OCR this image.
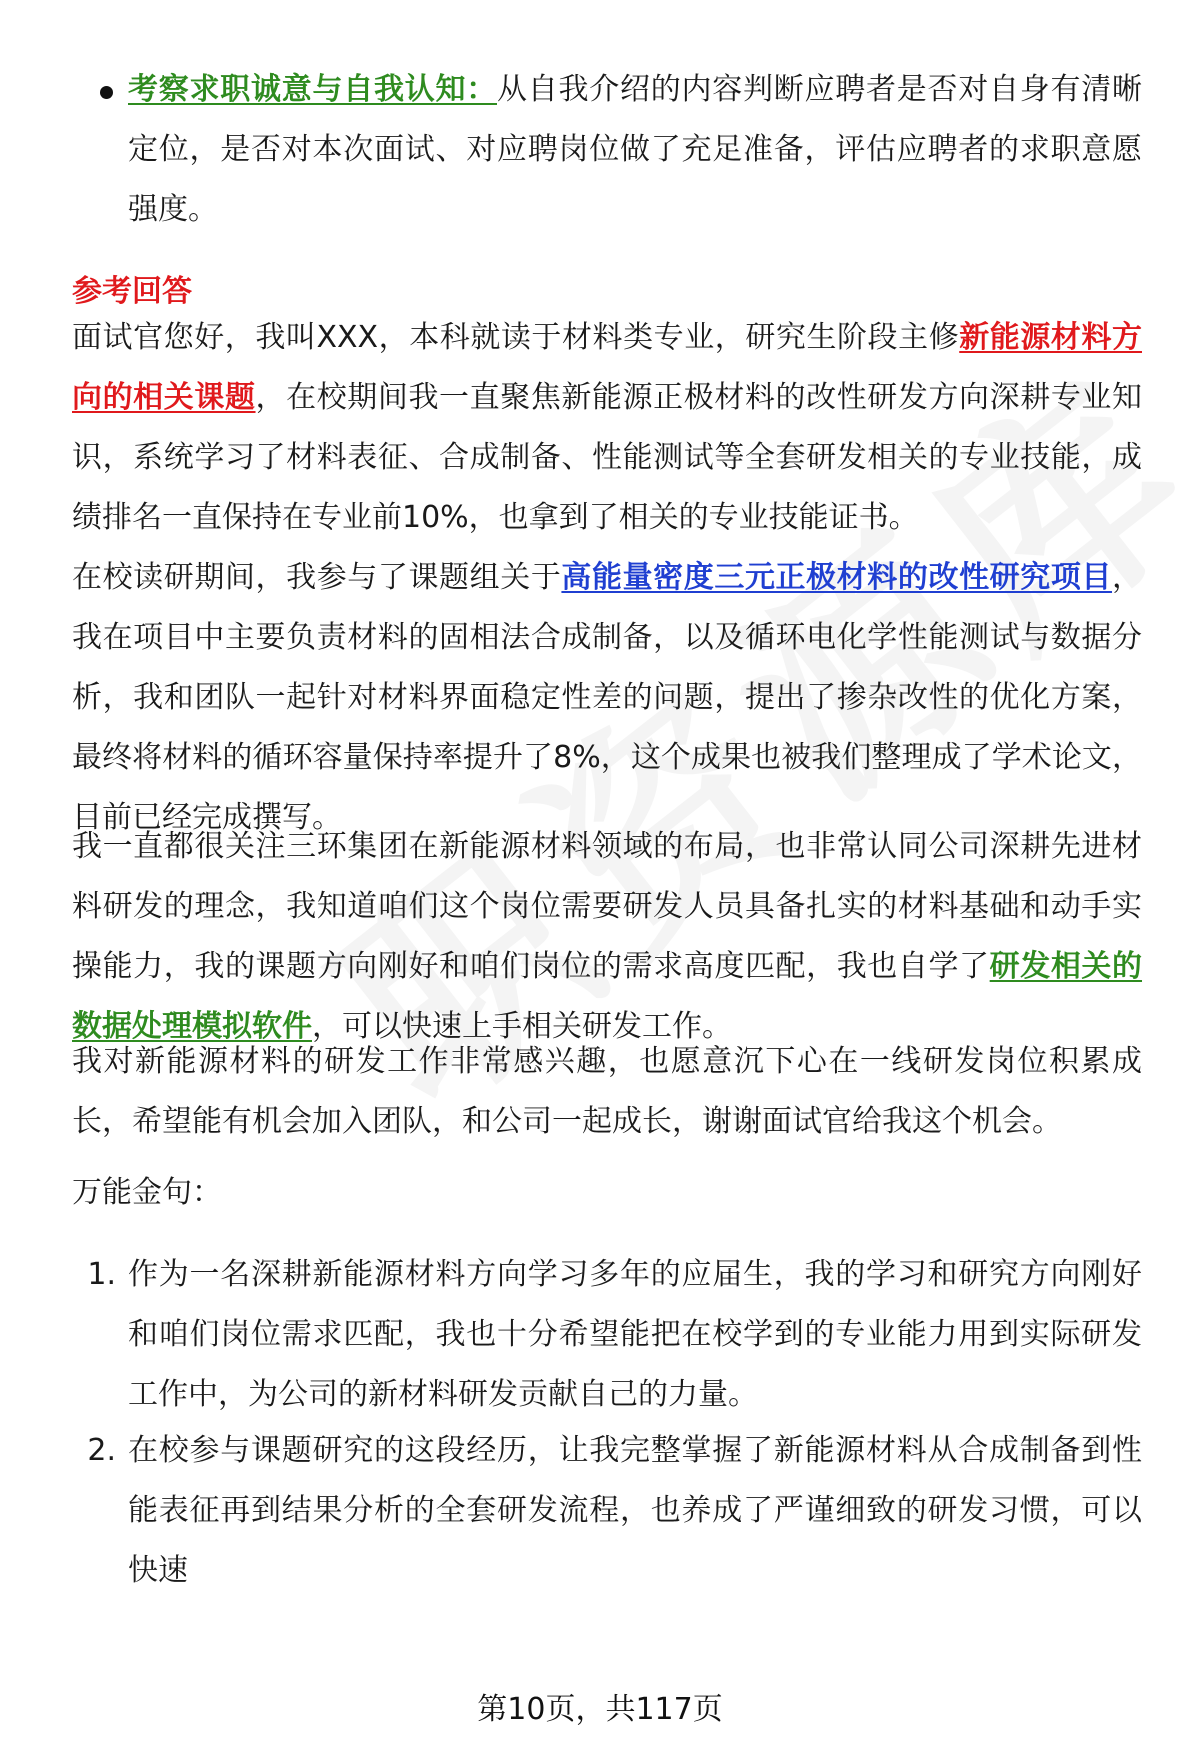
考察求职诚意与自我认知：从自我介绍的内容判断应聘者是否对自身有清晰定位，是否对本次面试、对应聘岗位做了充足准备，评估应聘者的求职意愿强度。
参考回答
面试官您好，我叫XXX，本科就读于材料类专业，研究生阶段主修新能源材料方向的相关课题，在校期间我一直聚焦新能源正极材料的改性研发方向深耕专业知识，系统学习了材料表征、合成制备、性能测试等全套研发相关的专业技能，成绩排名一直保持在专业前10%，也拿到了相关的专业技能证书。
在校读研期间，我参与了课题组关于高能量密度三元正极材料的改性研究项目，我在项目中主要负责材料的固相法合成制备，以及循环电化学性能测试与数据分析，我和团队一起针对材料界面稳定性差的问题，提出了掺杂改性的优化方案，最终将材料的循环容量保持率提升了8%，这个成果也被我们整理成了学术论文，目前已经完成撰写。
我一直都很关注三环集团在新能源材料领域的布局，也非常认同公司深耕先进材料研发的理念，我知道咱们这个岗位需要研发人员具备扎实的材料基础和动手实操能力，我的课题方向刚好和咱们岗位的需求高度匹配，我也自学了研发相关的数据处理模拟软件，可以快速上手相关研发工作。
我对新能源材料的研发工作非常感兴趣，也愿意沉下心在一线研发岗位积累成长，希望能有机会加入团队，和公司一起成长，谢谢面试官给我这个机会。
万能金句：
1. 作为一名深耕新能源材料方向学习多年的应届生，我的学习和研究方向刚好和咱们岗位需求匹配，我也十分希望能把在校学到的专业能力用到实际研发工作中，为公司的新材料研发贡献自己的力量。
2. 在校参与课题研究的这段经历，让我完整掌握了新能源材料从合成制备到性能表征再到结果分析的全套研发流程，也养成了严谨细致的研发习惯，可以快速
第10页，共117页
